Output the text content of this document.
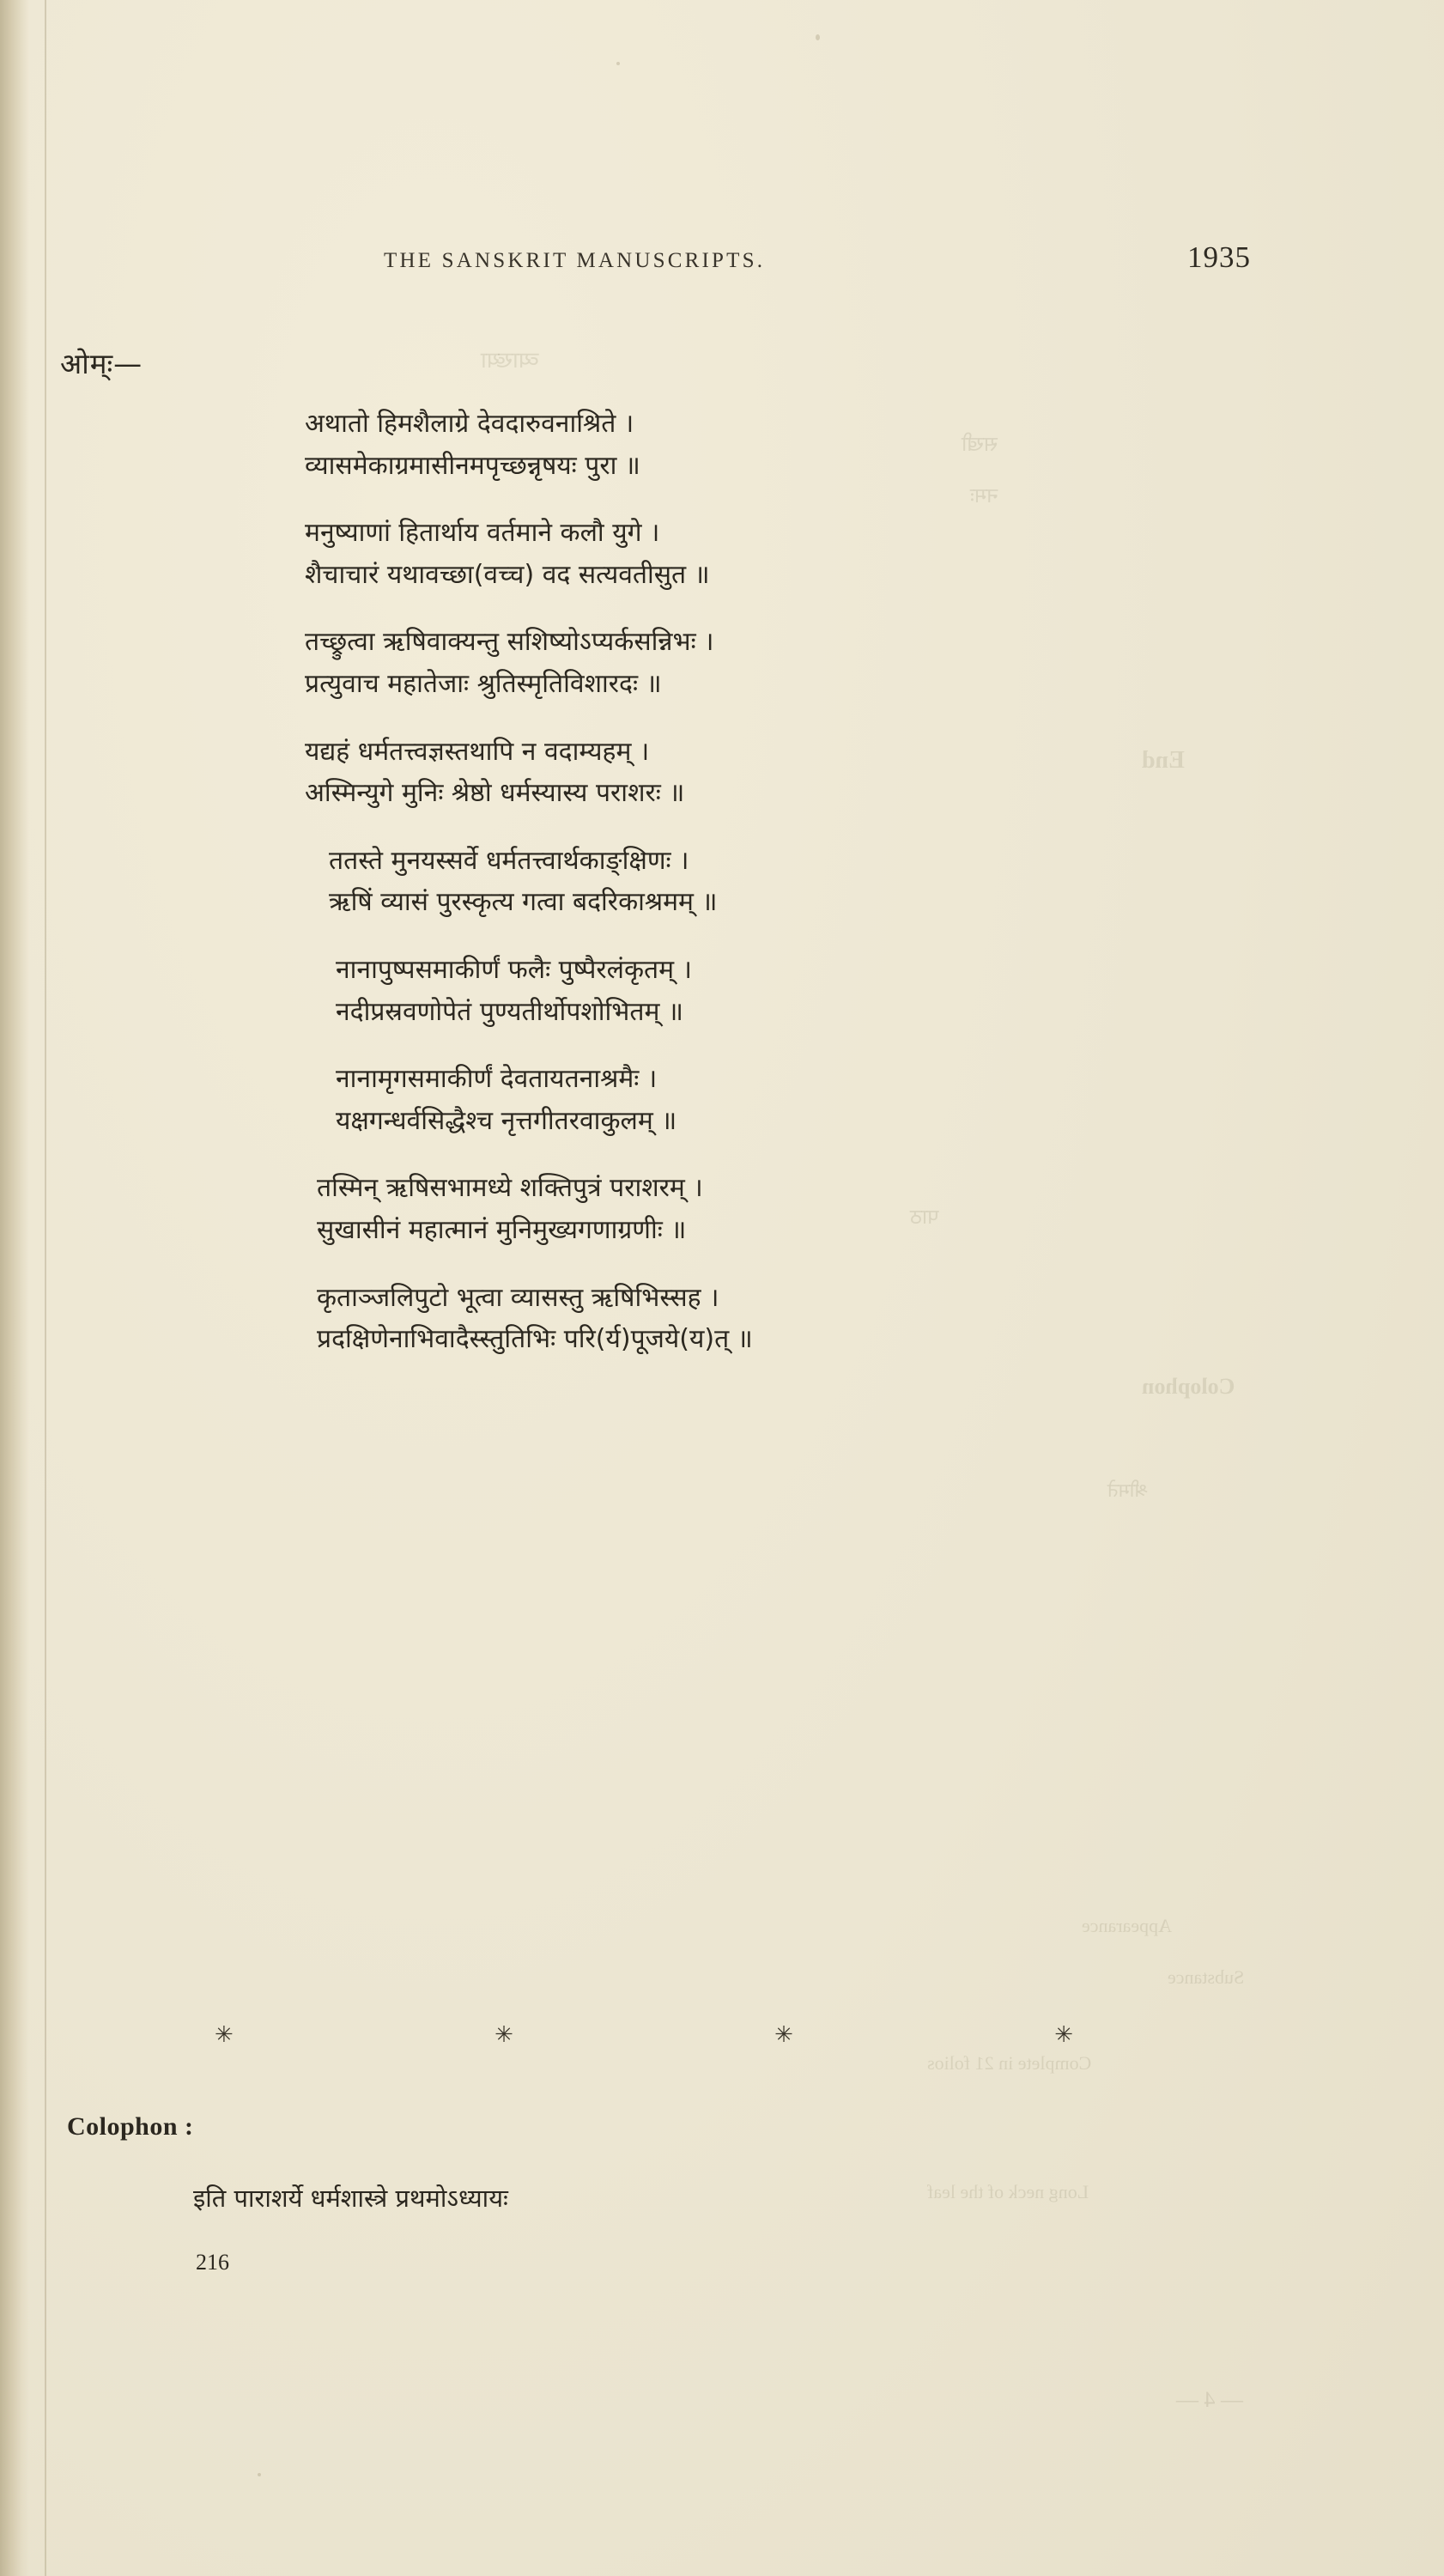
व्याख्या
सखी
नमः
End
पाठ
Colophon
श्रीमते
Appearance
Substance
Complete in 21 folios
Long neck of the leaf
— 4 —
THE SANSKRIT MANUSCRIPTS.	1935
ओम्ः—
अथातो हिमशैलाग्रे देवदारुवनाश्रिते ।
व्यासमेकाग्रमासीनमपृच्छन्नृषयः पुरा ॥
मनुष्याणां हितार्थाय वर्तमाने कलौ युगे ।
शैचाचारं यथावच्छा(वच्च) वद सत्यवतीसुत ॥
तच्छ्रुत्वा ऋषिवाक्यन्तु सशिष्योऽप्यर्कसन्निभः ।
प्रत्युवाच महातेजाः श्रुतिस्मृतिविशारदः ॥
यद्यहं धर्मतत्त्वज्ञस्तथापि न वदाम्यहम् ।
अस्मिन्युगे मुनिः श्रेष्ठो धर्मस्यास्य पराशरः ॥
ततस्ते मुनयस्सर्वे धर्मतत्त्वार्थकाङ्क्षिणः ।
ऋषिं व्यासं पुरस्कृत्य गत्वा बदरिकाश्रमम् ॥
नानापुष्पसमाकीर्णं फलैः पुष्पैरलंकृतम् ।
नदीप्रस्रवणोपेतं पुण्यतीर्थोपशोभितम् ॥
नानामृगसमाकीर्णं देवतायतनाश्रमैः ।
यक्षगन्धर्वसिद्धैश्च नृत्तगीतरवाकुलम् ॥
तस्मिन् ऋषिसभामध्ये शक्तिपुत्रं पराशरम् ।
सुखासीनं महात्मानं मुनिमुख्यगणाग्रणीः ॥
कृताञ्जलिपुटो भूत्वा व्यासस्तु ऋषिभिस्सह ।
प्रदक्षिणेनाभिवादैस्स्तुतिभिः परि(र्य)पूजये(य)त् ॥
✳	✳	✳	✳
Colophon :
इति पाराशर्ये धर्मशास्त्रे प्रथमोऽध्यायः
216
